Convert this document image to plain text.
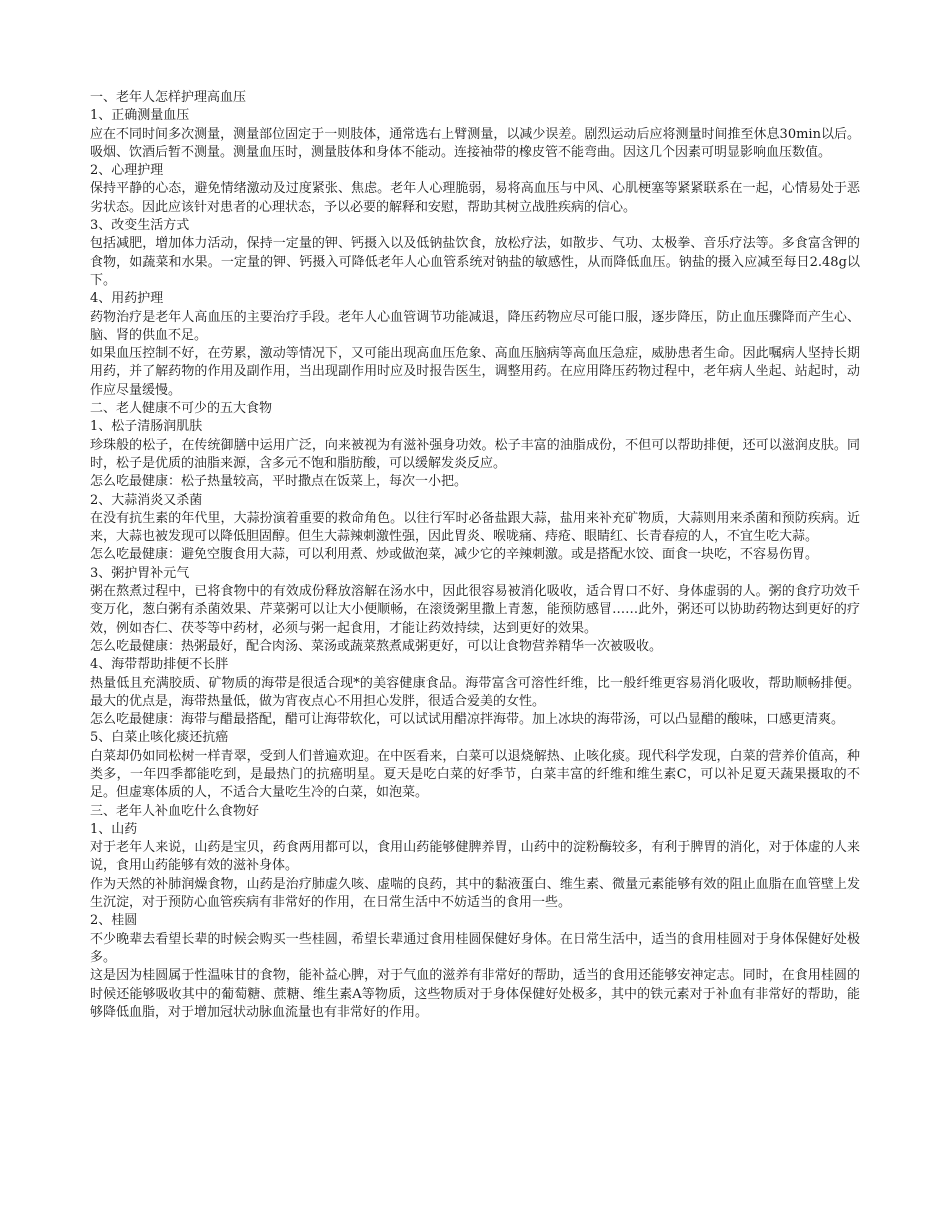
一、老年人怎样护理高血压

1、正确测量血压

应在不同时间多次测量，测量部位固定于一则肢体，通常选右上臂测量，以减少误差。剧烈运动后应将测量时间推至休息30min以后。吸烟、饮酒后暂不测量。测量血压时，测量肢体和身体不能动。连接袖带的橡皮管不能弯曲。因这几个因素可明显影响血压数值。

2、心理护理

保持平静的心态，避免情绪激动及过度紧张、焦虑。老年人心理脆弱，易将高血压与中风、心肌梗塞等紧紧联系在一起，心情易处于恶劣状态。因此应该针对患者的心理状态，予以必要的解释和安慰，帮助其树立战胜疾病的信心。

3、改变生活方式

包括减肥，增加体力活动，保持一定量的钾、钙摄入以及低钠盐饮食，放松疗法，如散步、气功、太极拳、音乐疗法等。多食富含钾的食物，如蔬菜和水果。一定量的钾、钙摄入可降低老年人心血管系统对钠盐的敏感性，从而降低血压。钠盐的摄入应减至每日2.48g以下。

4、用药护理

药物治疗是老年人高血压的主要治疗手段。老年人心血管调节功能减退，降压药物应尽可能口服，逐步降压，防止血压骤降而产生心、脑、肾的供血不足。

如果血压控制不好，在劳累，激动等情况下，又可能出现高血压危象、高血压脑病等高血压急症，威胁患者生命。因此嘱病人坚持长期用药，并了解药物的作用及副作用，当出现副作用时应及时报告医生，调整用药。在应用降压药物过程中，老年病人坐起、站起时，动作应尽量缓慢。

二、老人健康不可少的五大食物

1、松子清肠润肌肤

珍珠般的松子，在传统御膳中运用广泛，向来被视为有滋补强身功效。松子丰富的油脂成份，不但可以帮助排便，还可以滋润皮肤。同时，松子是优质的油脂来源，含多元不饱和脂肪酸，可以缓解发炎反应。

怎么吃最健康：松子热量较高，平时撒点在饭菜上，每次一小把。

2、大蒜消炎又杀菌

在没有抗生素的年代里，大蒜扮演着重要的救命角色。以往行军时必备盐跟大蒜，盐用来补充矿物质，大蒜则用来杀菌和预防疾病。近来，大蒜也被发现可以降低胆固醇。但生大蒜辣刺激性强，因此胃炎、喉咙痛、痔疮、眼睛红、长青春痘的人，不宜生吃大蒜。

怎么吃最健康：避免空腹食用大蒜，可以利用煮、炒或做泡菜，减少它的辛辣刺激。或是搭配水饺、面食一块吃，不容易伤胃。

3、粥护胃补元气

粥在熬煮过程中，已将食物中的有效成份释放溶解在汤水中，因此很容易被消化吸收，适合胃口不好、身体虚弱的人。粥的食疗功效千变万化，葱白粥有杀菌效果、芹菜粥可以让大小便顺畅，在滚烫粥里撒上青葱，能预防感冒……此外，粥还可以协助药物达到更好的疗效，例如杏仁、茯苓等中药材，必须与粥一起食用，才能让药效持续，达到更好的效果。

怎么吃最健康：热粥最好，配合肉汤、菜汤或蔬菜熬煮咸粥更好，可以让食物营养精华一次被吸收。

4、海带帮助排便不长胖

热量低且充满胶质、矿物质的海带是很适合现*的美容健康食品。海带富含可溶性纤维，比一般纤维更容易消化吸收，帮助顺畅排便。最大的优点是，海带热量低，做为宵夜点心不用担心发胖，很适合爱美的女性。

怎么吃最健康：海带与醋最搭配，醋可让海带软化，可以试试用醋凉拌海带。加上冰块的海带汤，可以凸显醋的酸味，口感更清爽。

5、白菜止咳化痰还抗癌

白菜却仍如同松树一样青翠，受到人们普遍欢迎。在中医看来，白菜可以退烧解热、止咳化痰。现代科学发现，白菜的营养价值高，种类多，一年四季都能吃到，是最热门的抗癌明星。夏天是吃白菜的好季节，白菜丰富的纤维和维生素C，可以补足夏天蔬果摄取的不足。但虚寒体质的人，不适合大量吃生冷的白菜，如泡菜。

三、老年人补血吃什么食物好

1、山药

对于老年人来说，山药是宝贝，药食两用都可以，食用山药能够健脾养胃，山药中的淀粉酶较多，有利于脾胃的消化，对于体虚的人来说，食用山药能够有效的滋补身体。

作为天然的补肺润燥食物，山药是治疗肺虚久咳、虚喘的良药，其中的黏液蛋白、维生素、微量元素能够有效的阻止血脂在血管壁上发生沉淀，对于预防心血管疾病有非常好的作用，在日常生活中不妨适当的食用一些。

2、桂圆

不少晚辈去看望长辈的时候会购买一些桂圆，希望长辈通过食用桂圆保健好身体。在日常生活中，适当的食用桂圆对于身体保健好处极多。

这是因为桂圆属于性温味甘的食物，能补益心脾，对于气血的滋养有非常好的帮助，适当的食用还能够安神定志。同时，在食用桂圆的时候还能够吸收其中的葡萄糖、蔗糖、维生素A等物质，这些物质对于身体保健好处极多，其中的铁元素对于补血有非常好的帮助，能够降低血脂，对于增加冠状动脉血流量也有非常好的作用。
